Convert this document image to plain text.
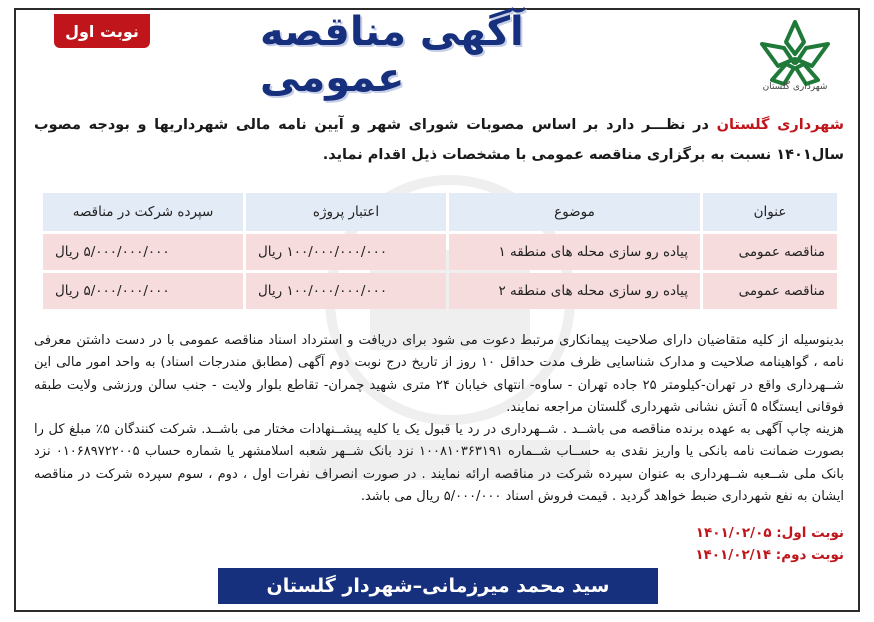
نوبت اول	آگهی مناقصه عمومی	شهرداری گلستان
شهرداری گلستان در نظـــر دارد بر اساس مصوبات شورای شهر و آیین نامه مالی شهرداریها و بودجه مصوب سال۱۴۰۱ نسبت به برگزاری مناقصه عمومی با مشخصات ذیل اقدام نماید.
عنوان	موضوع	اعتبار پروژه	سپرده شرکت در مناقصه
مناقصه عمومی	پیاده رو سازی محله های منطقه ۱	۱۰۰/۰۰۰/۰۰۰/۰۰۰ ریال	۵/۰۰۰/۰۰۰/۰۰۰ ریال
مناقصه عمومی	پیاده رو سازی محله های منطقه ۲	۱۰۰/۰۰۰/۰۰۰/۰۰۰ ریال	۵/۰۰۰/۰۰۰/۰۰۰ ریال

بدینوسیله از کلیه متقاضیان دارای صلاحیت پیمانکاری مرتبط دعوت می شود برای دریافت و استرداد اسناد مناقصه عمومی با در دست داشتن معرفی نامه ، گواهینامه صلاحیت و مدارک شناسایی ظرف مدت حداقل ۱۰ روز از تاریخ درج نوبت دوم آگهی (مطابق مندرجات اسناد) به واحد امور مالی این شــهرداری واقع در تهران-کیلومتر ۲۵ جاده تهران - ساوه- انتهای خیابان ۲۴ متری شهید چمران- تقاطع بلوار ولایت - جنب سالن ورزشی ولایت طبقه فوقانی ایستگاه ۵ آتش نشانی شهرداری گلستان مراجعه نمایند.

هزینه چاپ آگهی به عهده برنده مناقصه می باشــد . شــهرداری در رد یا قبول یک یا کلیه پیشــنهادات مختار می باشــد. شرکت کنندگان ۵٪ مبلغ کل را بصورت ضمانت نامه بانکی یا واریز نقدی به حســاب شــماره ۱۰۰۸۱۰۳۶۳۱۹۱ نزد بانک شــهر شعبه اسلامشهر یا شماره حساب ۰۱۰۶۸۹۷۲۲۰۰۵ نزد بانک ملی شــعبه شــهرداری به عنوان سپرده شرکت در مناقصه ارائه نمایند . در صورت انصراف نفرات اول ، دوم ، سوم سپرده شرکت در مناقصه ایشان به نفع شهرداری ضبط خواهد گردید . قیمت فروش اسناد ۵/۰۰۰/۰۰۰ ریال می باشد.

نوبت اول: ۱۴۰۱/۰۲/۰۵
نوبت دوم: ۱۴۰۱/۰۲/۱۴
سید محمد میرزمانی–شهردار گلستان
